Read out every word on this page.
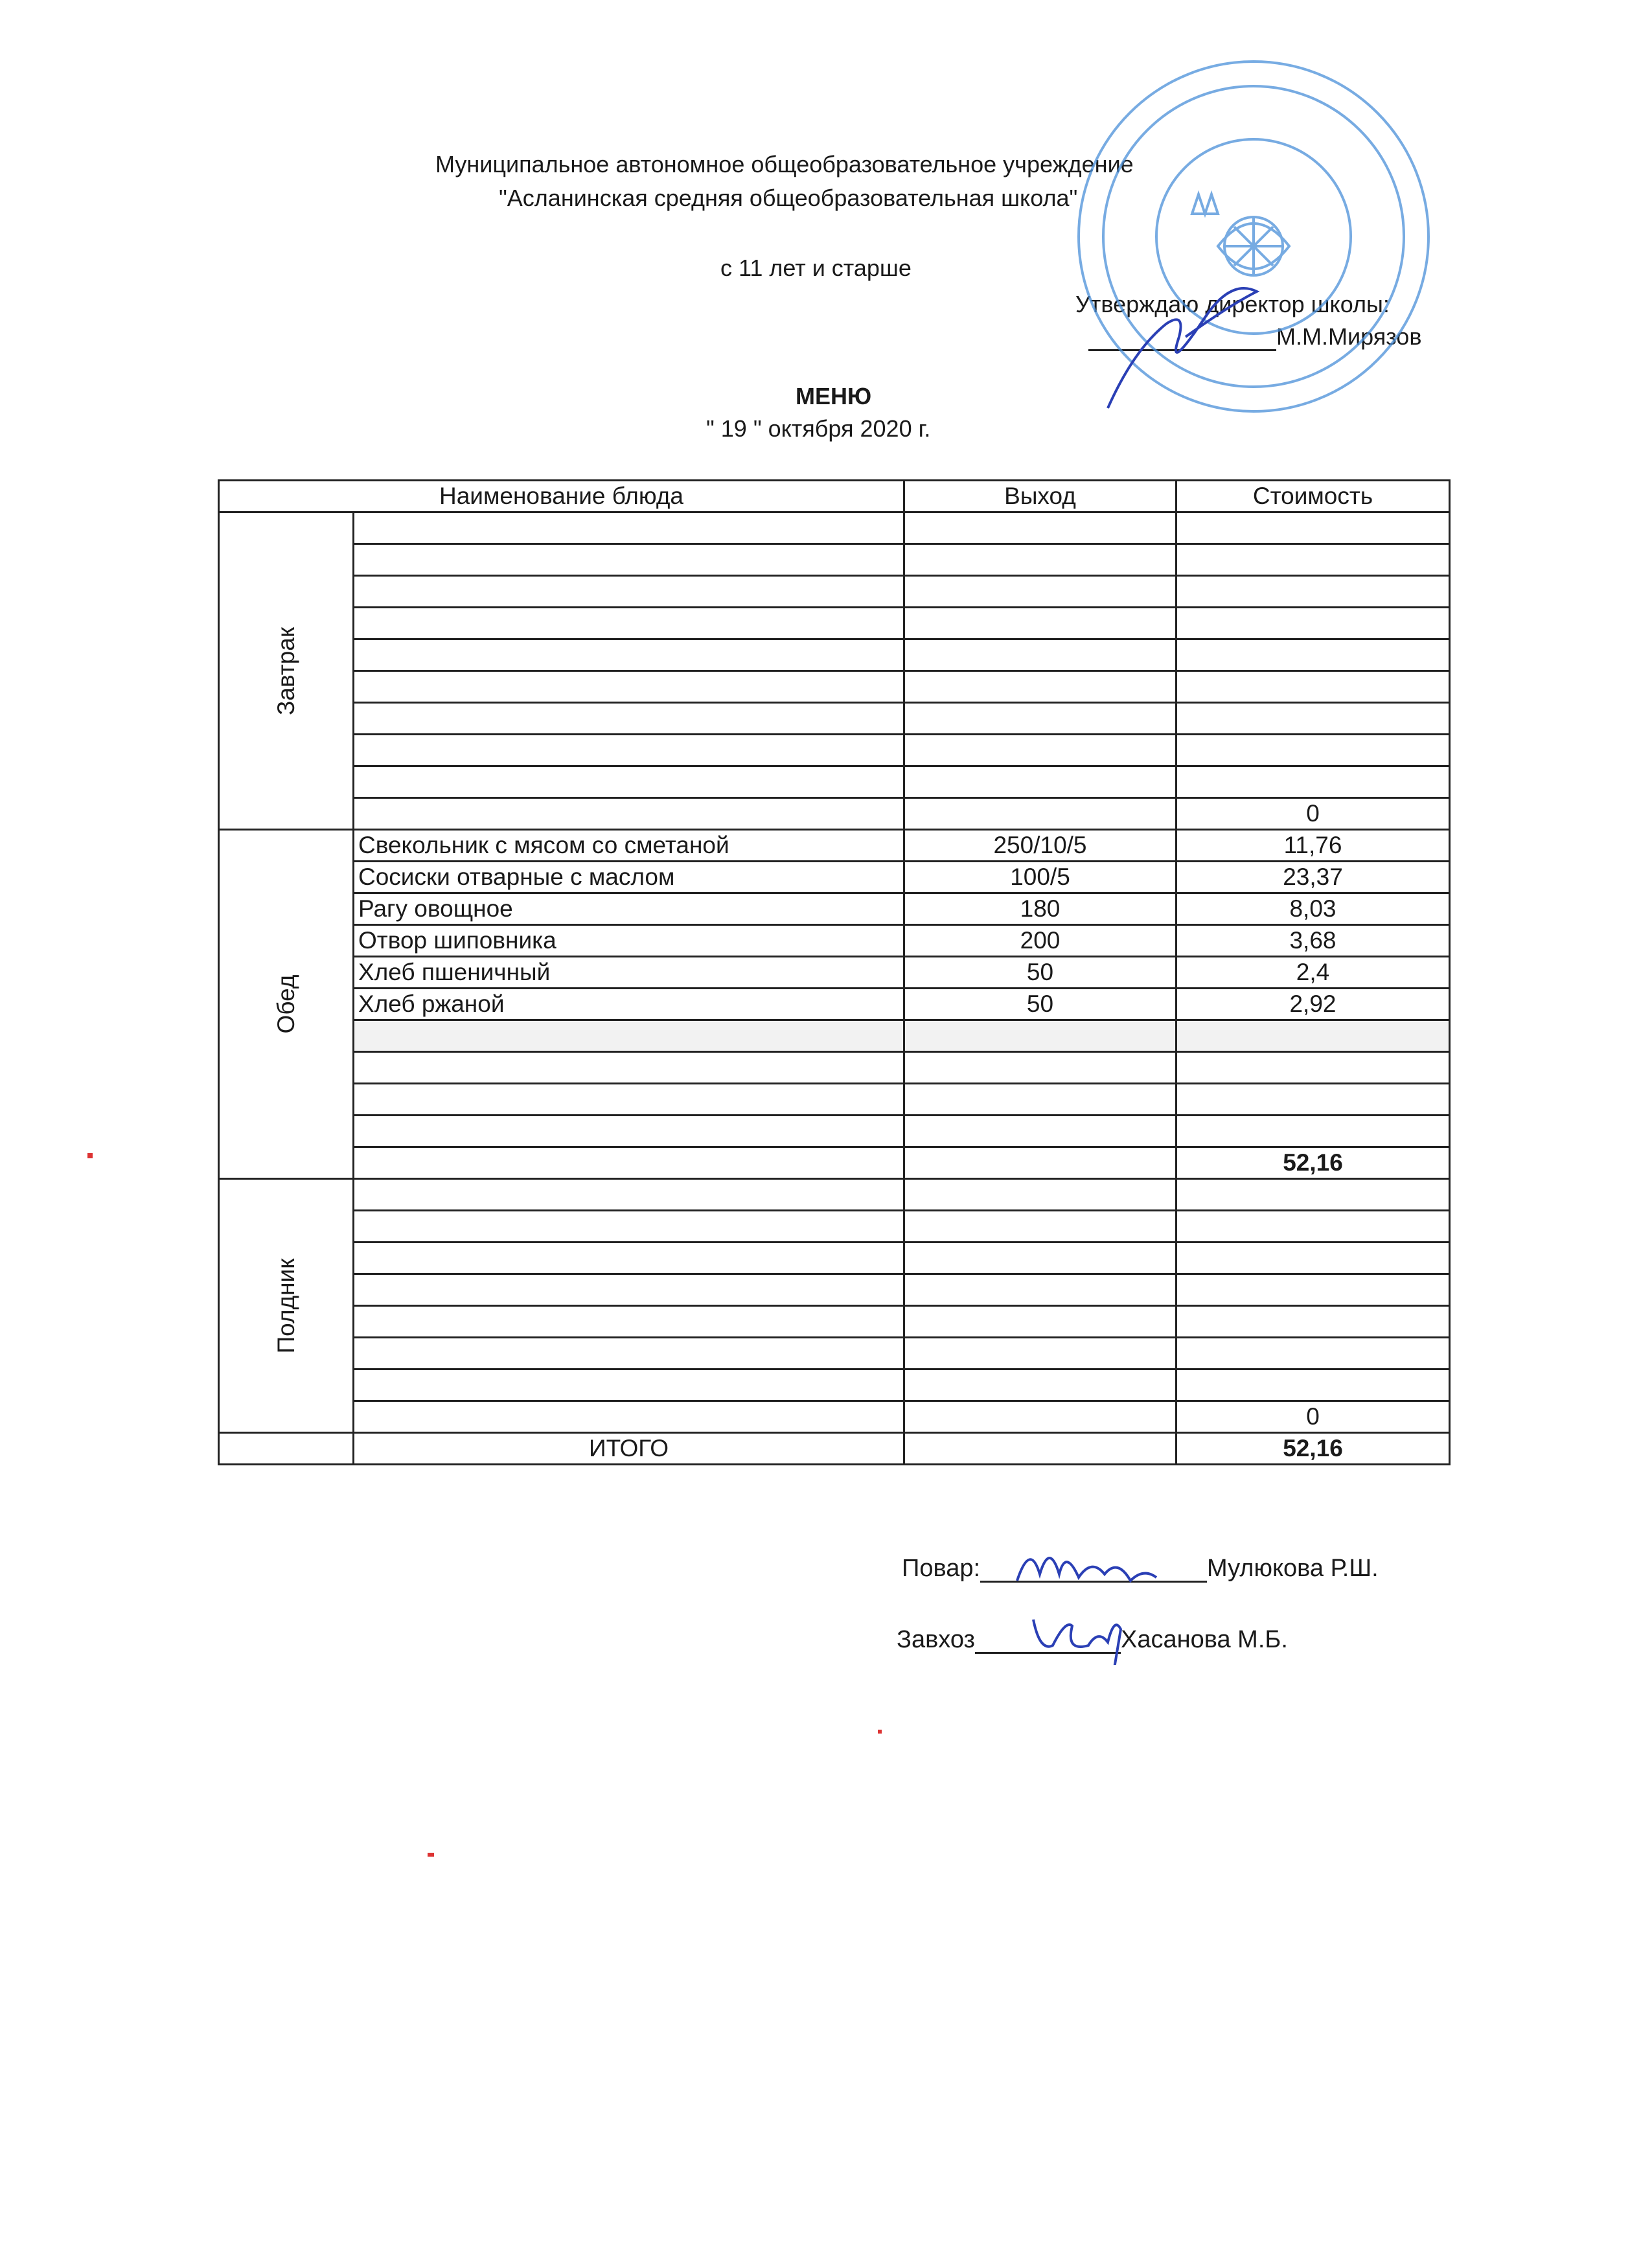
Муниципальное автономное общеобразовательное учреждение
"Асланинская средняя общеобразовательная школа"
с 11 лет и старше
Утверждаю директор школы:
М.М.Мирязов
МЕНЮ
" 19 " октября 2020 г.
Наименование блюда		Выход	Стоимость

Завтрак			

			0

Обед	Свекольник с мясом со сметаной	250/10/5	11,76
	Сосиски отварные с маслом	100/5	23,37
	Рагу овощное	180	8,03
	Отвор шиповника	200	3,68
	Хлеб пшеничный	50	2,4
	Хлеб ржаной	50	2,92

			52,16

Полдник			

			0
	ИТОГО		52,16
Повар:	Мулюкова Р.Ш.
Завхоз	Хасанова М.Б.
